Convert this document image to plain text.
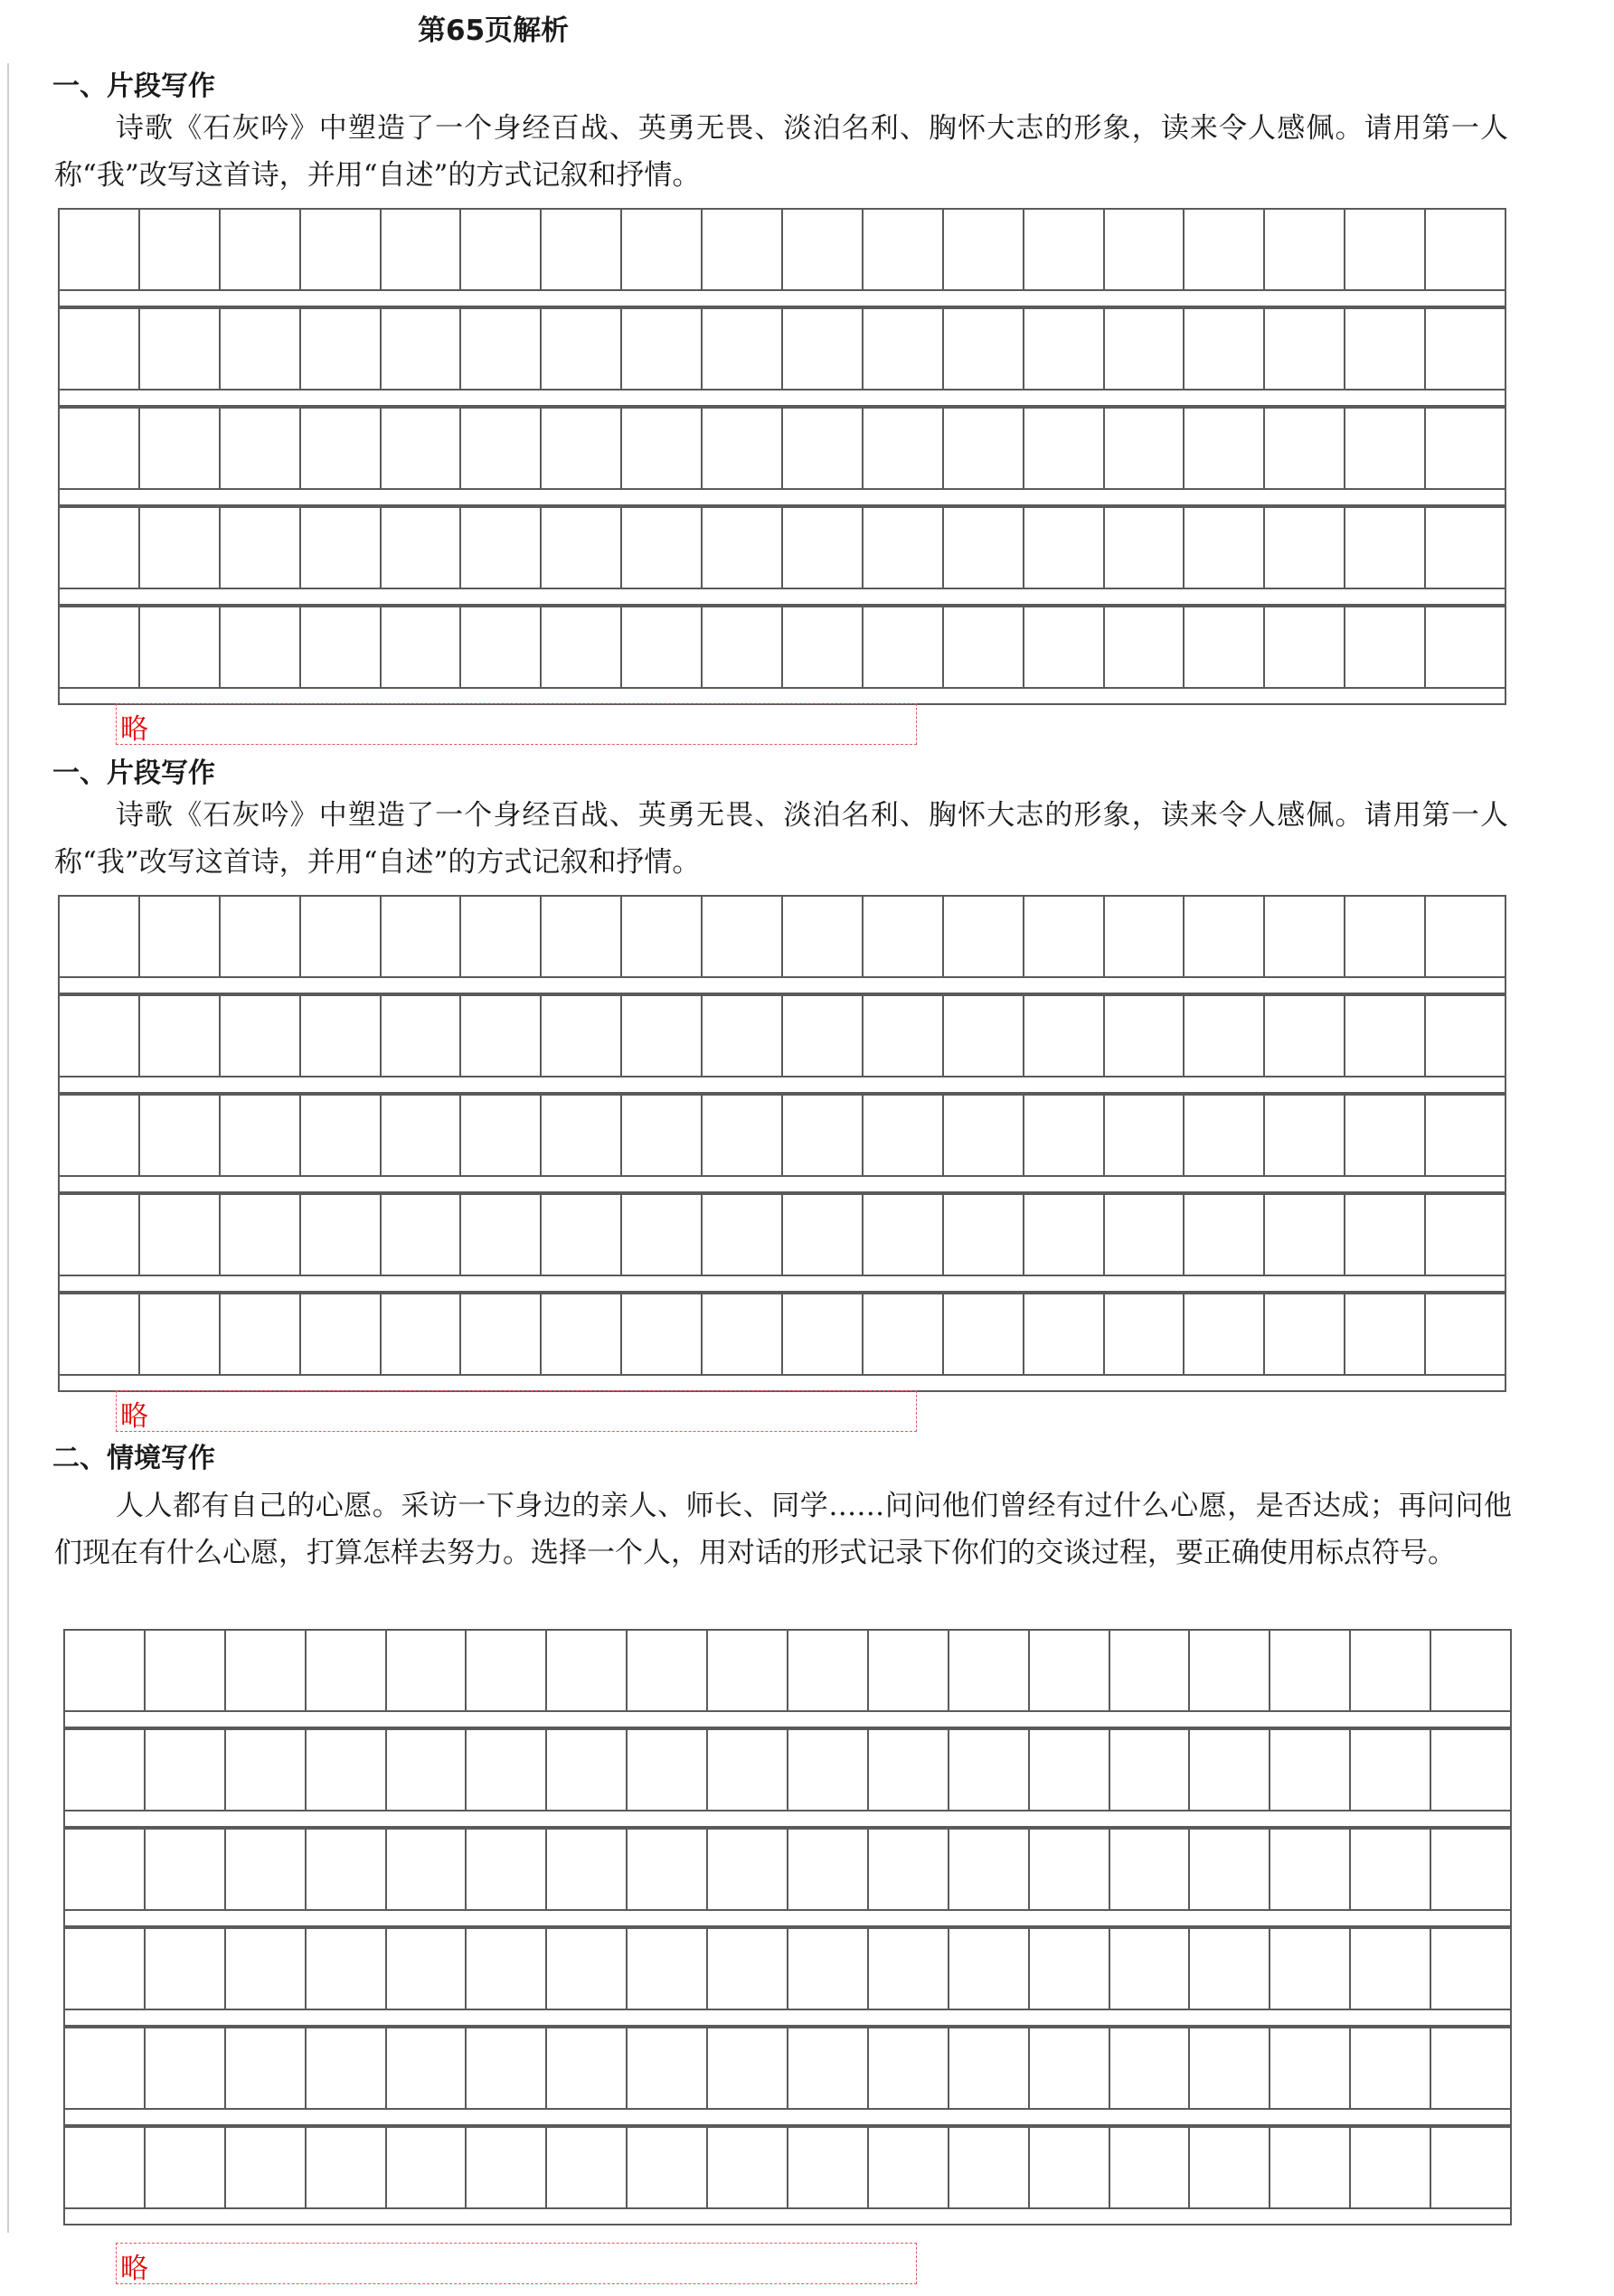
第65页解析
一、片段写作

诗歌《石灰吟》中塑造了一个身经百战、英勇无畏、淡泊名利、胸怀大志的形象，读来令人感佩。请用第一人称“我”改写这首诗，并用“自述”的方式记叙和抒情。

略
一、片段写作

诗歌《石灰吟》中塑造了一个身经百战、英勇无畏、淡泊名利、胸怀大志的形象，读来令人感佩。请用第一人称“我”改写这首诗，并用“自述”的方式记叙和抒情。

略
二、情境写作

人人都有自己的心愿。采访一下身边的亲人、师长、同学……问问他们曾经有过什么心愿，是否达成；再问问他们现在有什么心愿，打算怎样去努力。选择一个人，用对话的形式记录下你们的交谈过程，要正确使用标点符号。

略
